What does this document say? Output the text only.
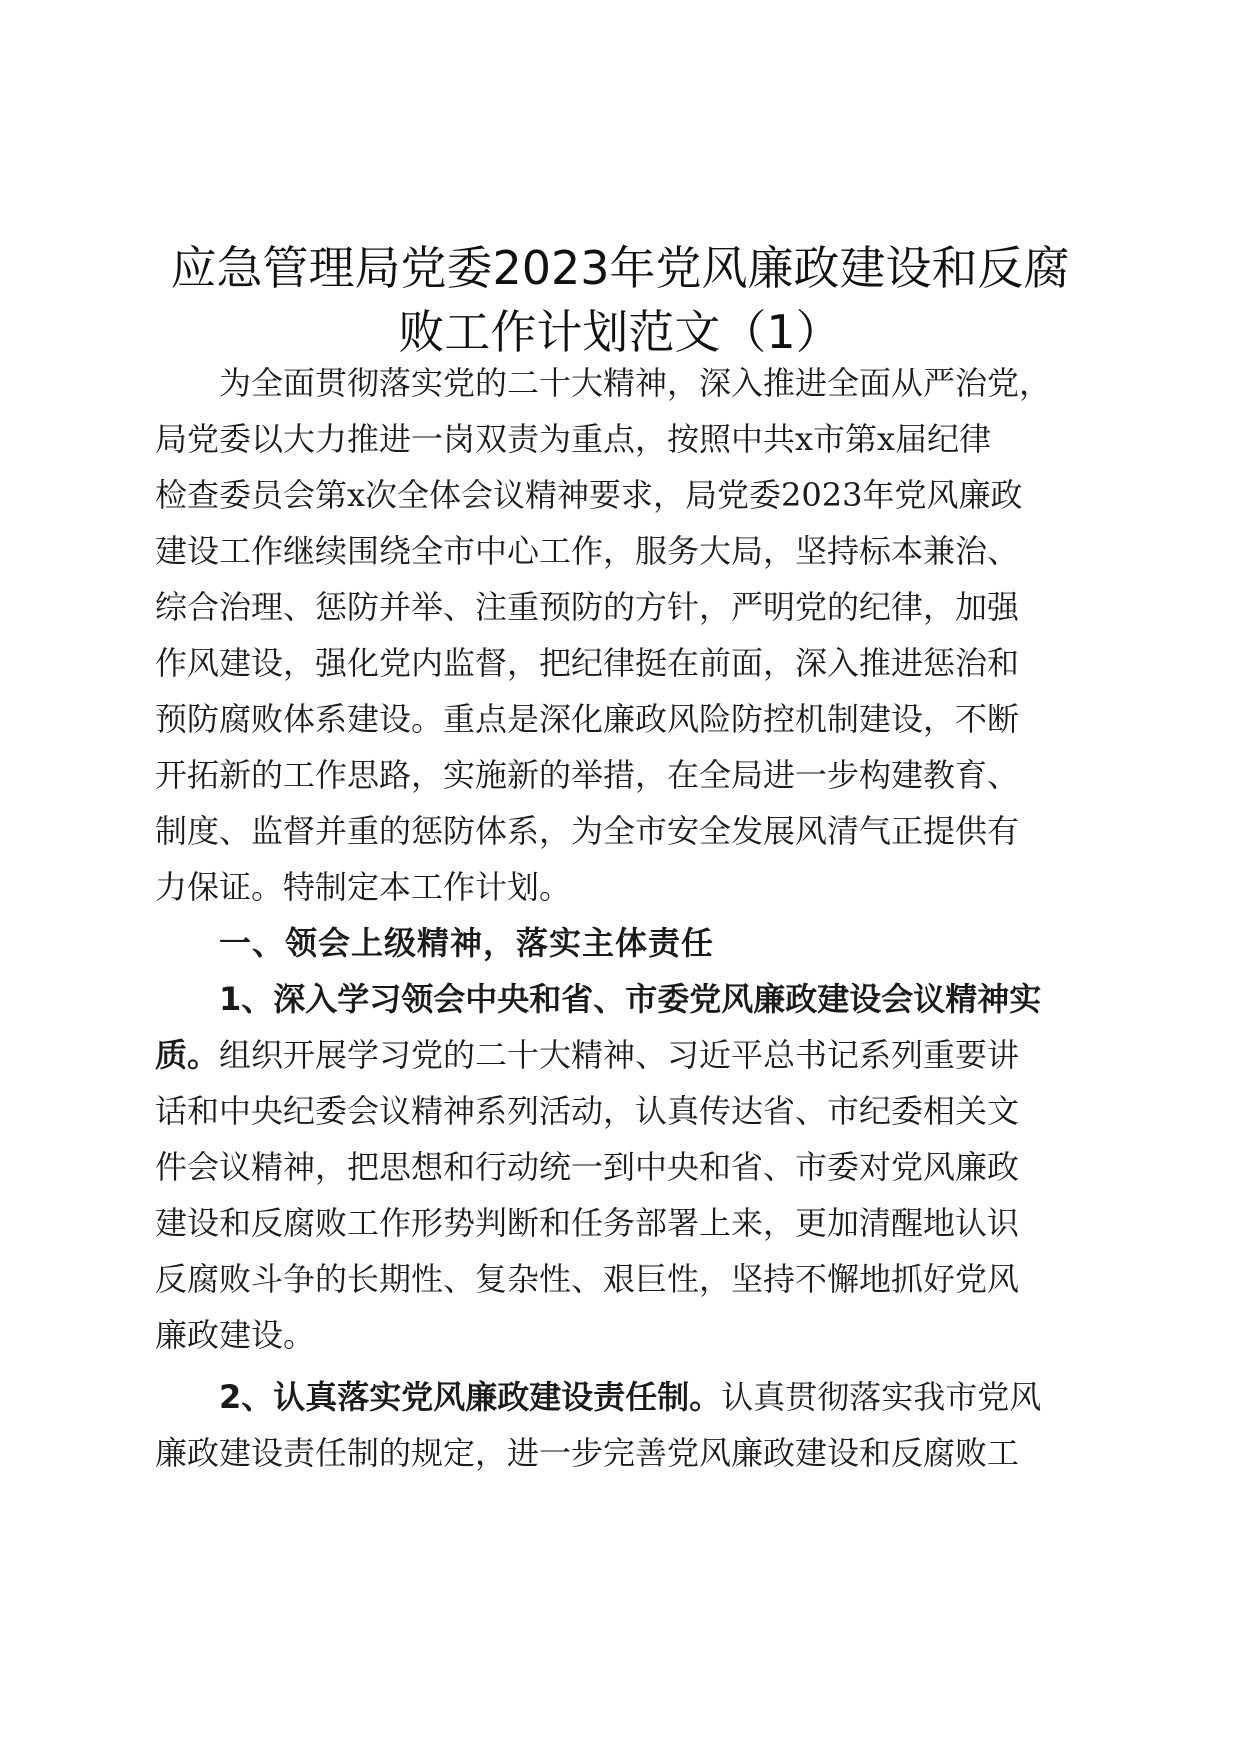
应急管理局党委2023年党风廉政建设和反腐
败工作计划范文（1）
为全面贯彻落实党的二十大精神，深入推进全面从严治党，
局党委以大力推进一岗双责为重点，按照中共x市第x届纪律
检查委员会第x次全体会议精神要求，局党委2023年党风廉政
建设工作继续围绕全市中心工作，服务大局，坚持标本兼治、
综合治理、惩防并举、注重预防的方针，严明党的纪律，加强
作风建设，强化党内监督，把纪律挺在前面，深入推进惩治和
预防腐败体系建设。重点是深化廉政风险防控机制建设，不断
开拓新的工作思路，实施新的举措，在全局进一步构建教育、
制度、监督并重的惩防体系，为全市安全发展风清气正提供有
力保证。特制定本工作计划。
一、领会上级精神，落实主体责任
1、深入学习领会中央和省、市委党风廉政建设会议精神实
质。组织开展学习党的二十大精神、习近平总书记系列重要讲
话和中央纪委会议精神系列活动，认真传达省、市纪委相关文
件会议精神，把思想和行动统一到中央和省、市委对党风廉政
建设和反腐败工作形势判断和任务部署上来，更加清醒地认识
反腐败斗争的长期性、复杂性、艰巨性，坚持不懈地抓好党风
廉政建设。
2、认真落实党风廉政建设责任制。认真贯彻落实我市党风
廉政建设责任制的规定，进一步完善党风廉政建设和反腐败工
